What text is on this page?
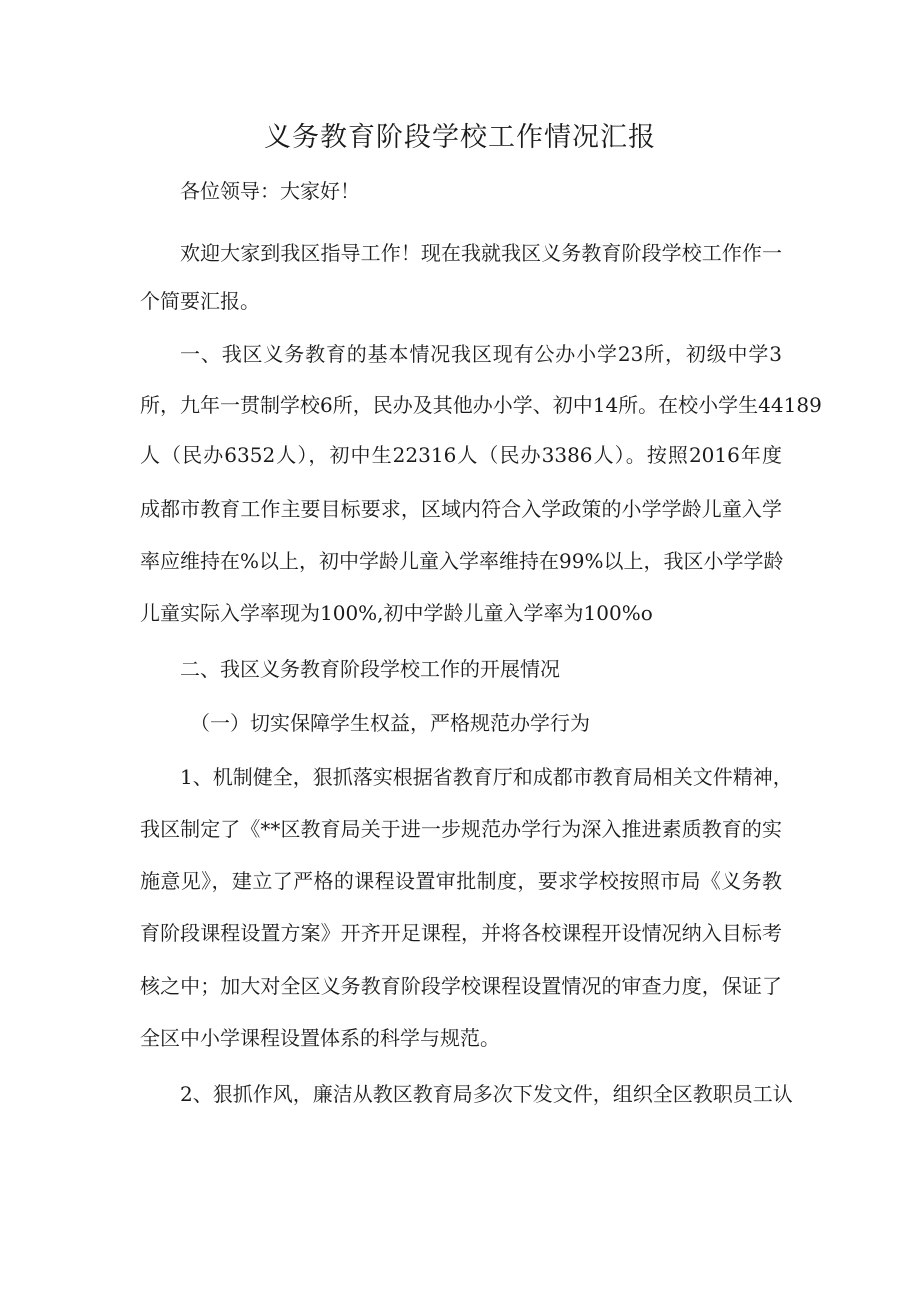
义务教育阶段学校工作情况汇报
各位领导：大家好！
欢迎大家到我区指导工作！现在我就我区义务教育阶段学校工作作一
个简要汇报。
一、我区义务教育的基本情况我区现有公办小学23所，初级中学3
所，九年一贯制学校6所，民办及其他办小学、初中14所。在校小学生44189
人（民办6352人），初中生22316人（民办3386人）。按照2016年度
成都市教育工作主要目标要求，区域内符合入学政策的小学学龄儿童入学
率应维持在%以上，初中学龄儿童入学率维持在99%以上，我区小学学龄
儿童实际入学率现为100%,初中学龄儿童入学率为100%o
二、我区义务教育阶段学校工作的开展情况
（一）切实保障学生权益，严格规范办学行为
1、机制健全，狠抓落实根据省教育厅和成都市教育局相关文件精神，
我区制定了《**区教育局关于进一步规范办学行为深入推进素质教育的实
施意见》，建立了严格的课程设置审批制度，要求学校按照市局《义务教
育阶段课程设置方案》开齐开足课程，并将各校课程开设情况纳入目标考
核之中；加大对全区义务教育阶段学校课程设置情况的审查力度，保证了
全区中小学课程设置体系的科学与规范。
2、狠抓作风，廉洁从教区教育局多次下发文件，组织全区教职员工认
